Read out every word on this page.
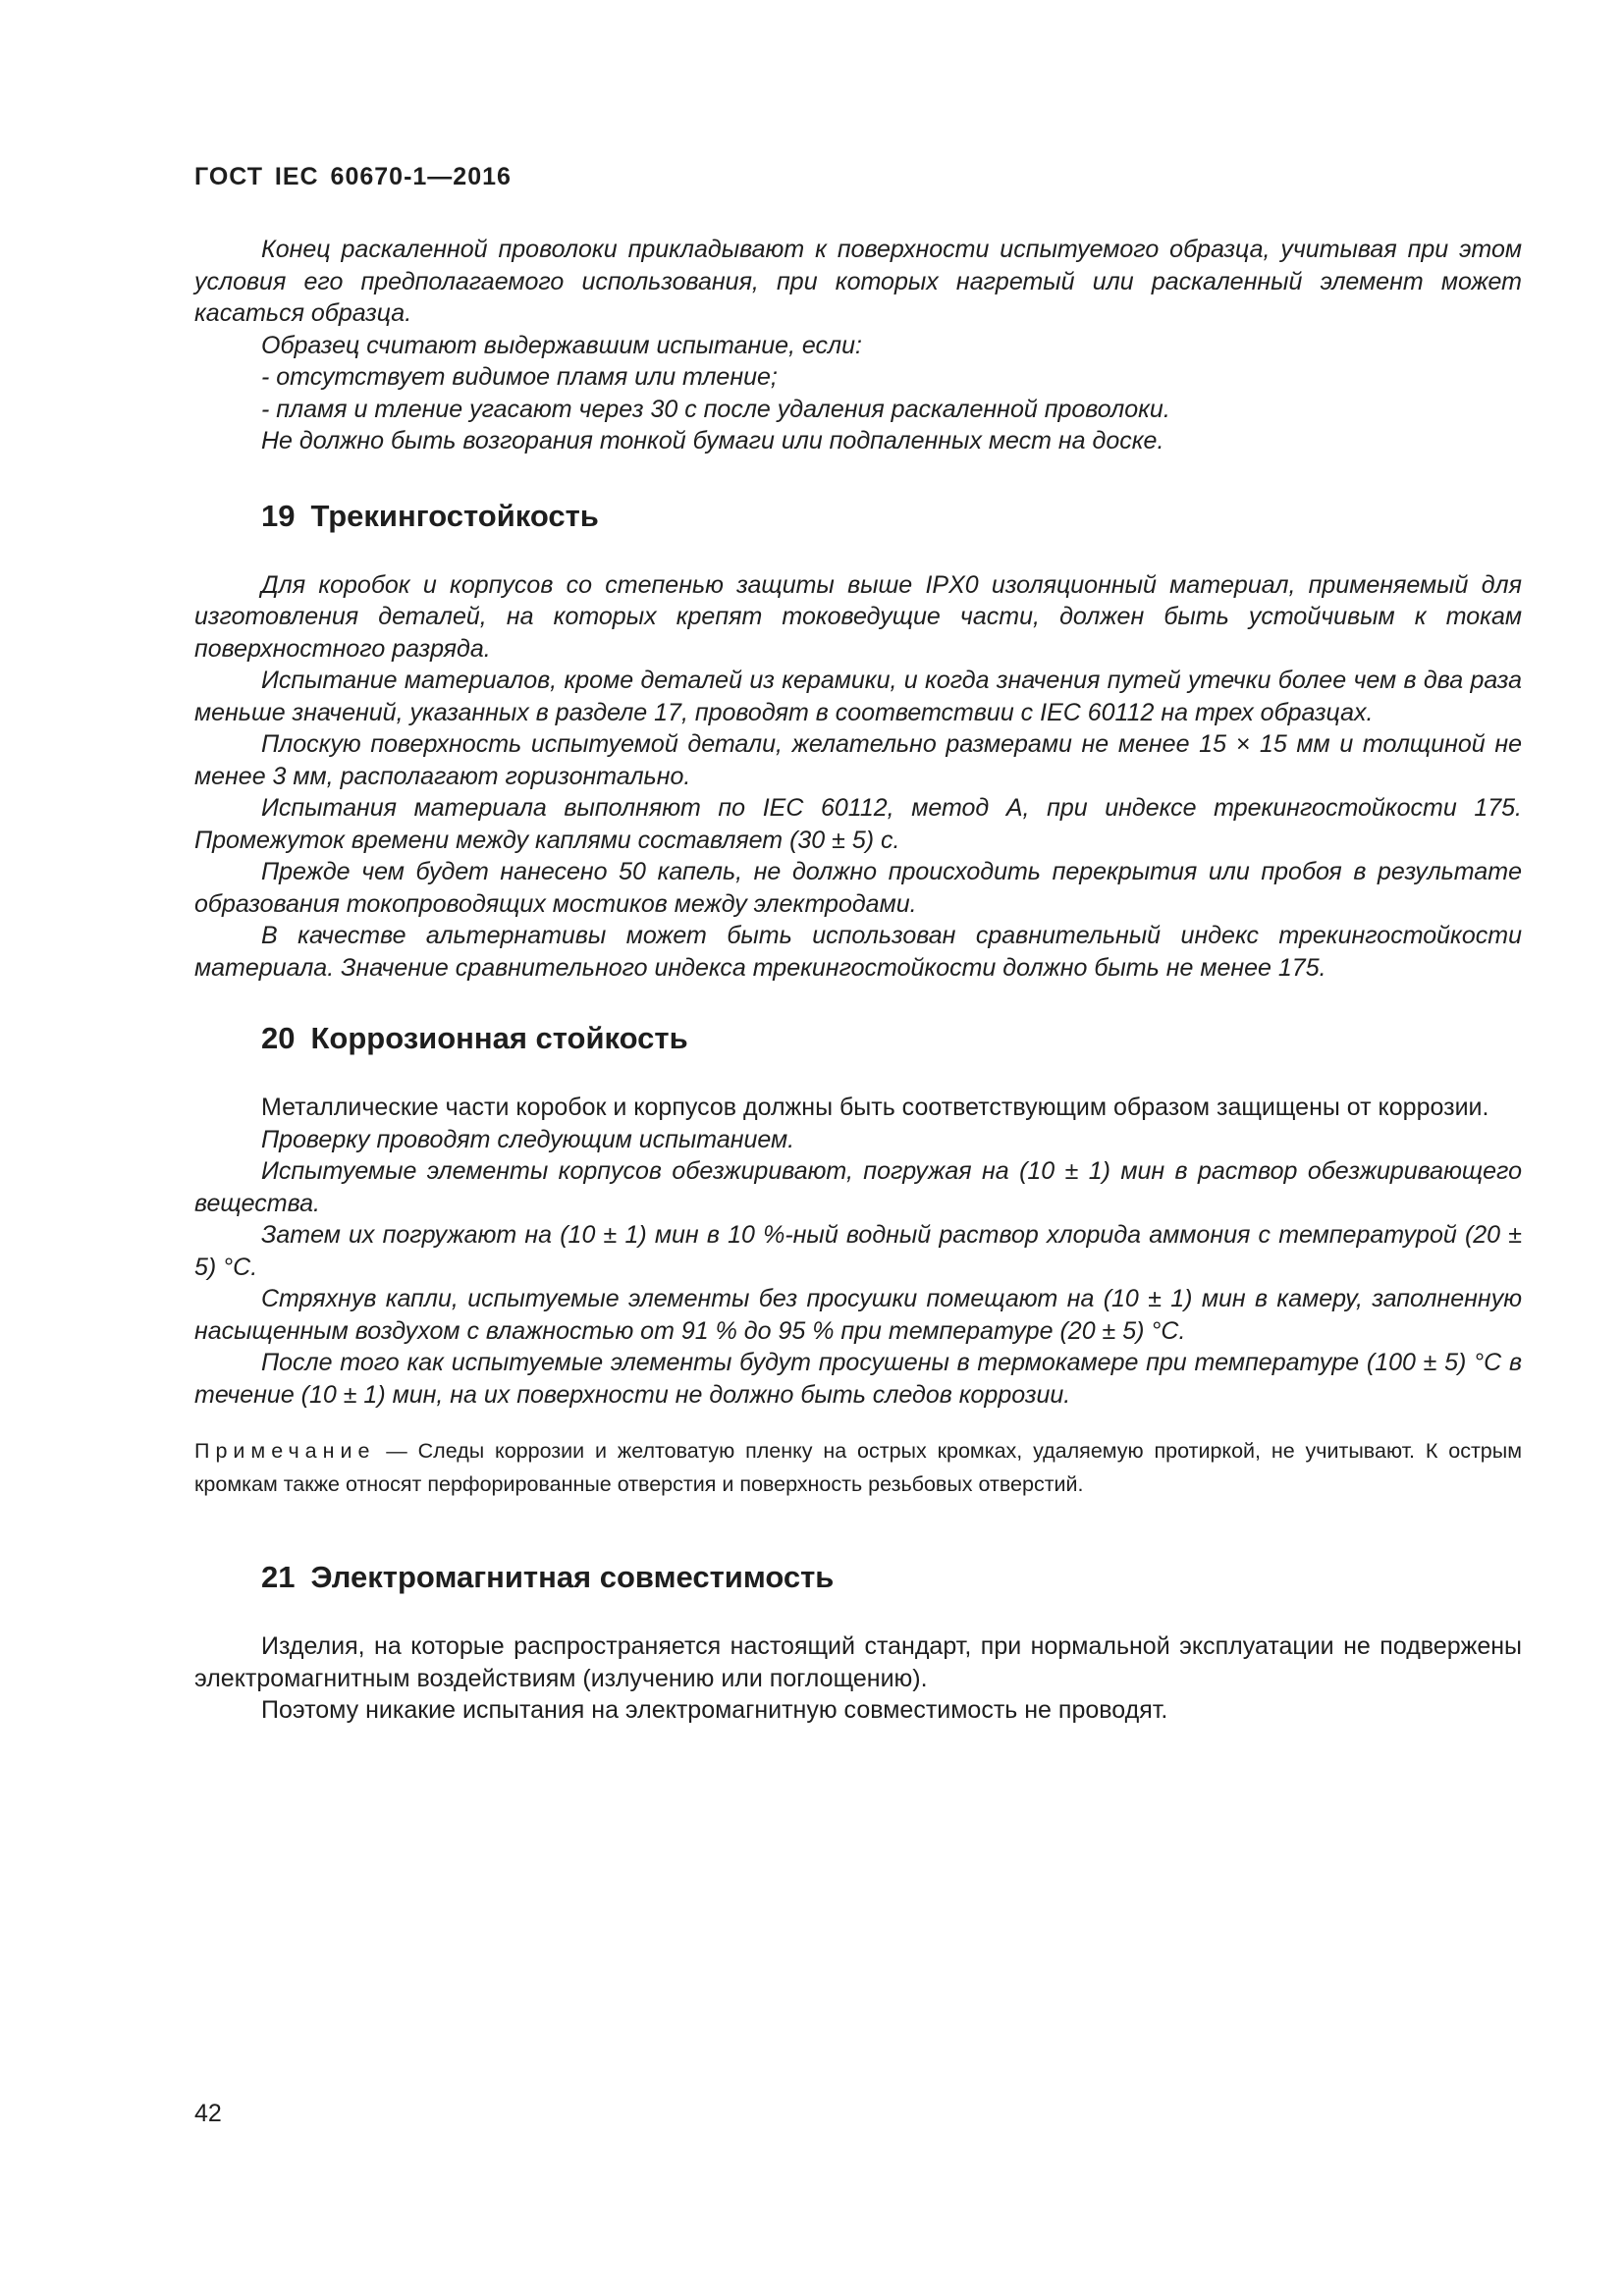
ГОСТ IEC 60670-1—2016

Конец раскаленной проволоки прикладывают к поверхности испытуемого образца, учитывая при этом условия его предполагаемого использования, при которых нагретый или раскаленный элемент может касаться образца.

Образец считают выдержавшим испытание, если:

- отсутствует видимое пламя или тление;

- пламя и тление угасают через 30 с после удаления раскаленной проволоки.

Не должно быть возгорания тонкой бумаги или подпаленных мест на доске.

19 Трекингостойкость

Для коробок и корпусов со степенью защиты выше IPX0 изоляционный материал, применяемый для изготовления деталей, на которых крепят токоведущие части, должен быть устойчивым к токам поверхностного разряда.

Испытание материалов, кроме деталей из керамики, и когда значения путей утечки более чем в два раза меньше значений, указанных в разделе 17, проводят в соответствии с IEC 60112 на трех образцах.

Плоскую поверхность испытуемой детали, желательно размерами не менее 15 × 15 мм и толщиной не менее 3 мм, располагают горизонтально.

Испытания материала выполняют по IEC 60112, метод А, при индексе трекингостойкости 175. Промежуток времени между каплями составляет (30 ± 5) с.

Прежде чем будет нанесено 50 капель, не должно происходить перекрытия или пробоя в результате образования токопроводящих мостиков между электродами.

В качестве альтернативы может быть использован сравнительный индекс трекингостойкости материала. Значение сравнительного индекса трекингостойкости должно быть не менее 175.

20 Коррозионная стойкость

Металлические части коробок и корпусов должны быть соответствующим образом защищены от коррозии.

Проверку проводят следующим испытанием.

Испытуемые элементы корпусов обезжиривают, погружая на (10 ± 1) мин в раствор обезжиривающего вещества.

Затем их погружают на (10 ± 1) мин в 10 %-ный водный раствор хлорида аммония с температурой (20 ± 5) °С.

Стряхнув капли, испытуемые элементы без просушки помещают на (10 ± 1) мин в камеру, заполненную насыщенным воздухом с влажностью от 91 % до 95 % при температуре (20 ± 5) °С.

После того как испытуемые элементы будут просушены в термокамере при температуре (100 ± 5) °С в течение (10 ± 1) мин, на их поверхности не должно быть следов коррозии.

Примечание — Следы коррозии и желтоватую пленку на острых кромках, удаляемую протиркой, не учитывают. К острым кромкам также относят перфорированные отверстия и поверхность резьбовых отверстий.

21 Электромагнитная совместимость

Изделия, на которые распространяется настоящий стандарт, при нормальной эксплуатации не подвержены электромагнитным воздействиям (излучению или поглощению).

Поэтому никакие испытания на электромагнитную совместимость не проводят.

42
